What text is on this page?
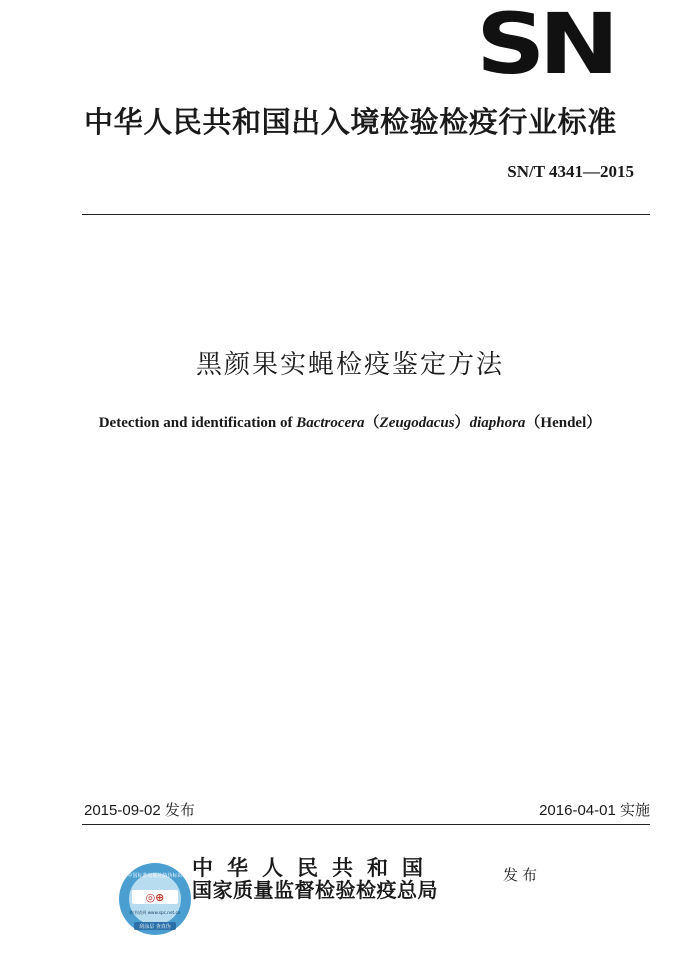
SN
中华人民共和国出入境检验检疫行业标准
SN/T 4341—2015
黑颜果实蝇检疫鉴定方法
Detection and identification of Bactrocera（Zeugodacus）diaphora（Hendel）
2015-09-02 发布	2016-04-01 实施
◎⊕
中国标准出版社防伪标识
购书请到 www.spc.net.cn
刮涂层 查真伪
中华人民共和国
国家质量监督检验检疫总局
发布
